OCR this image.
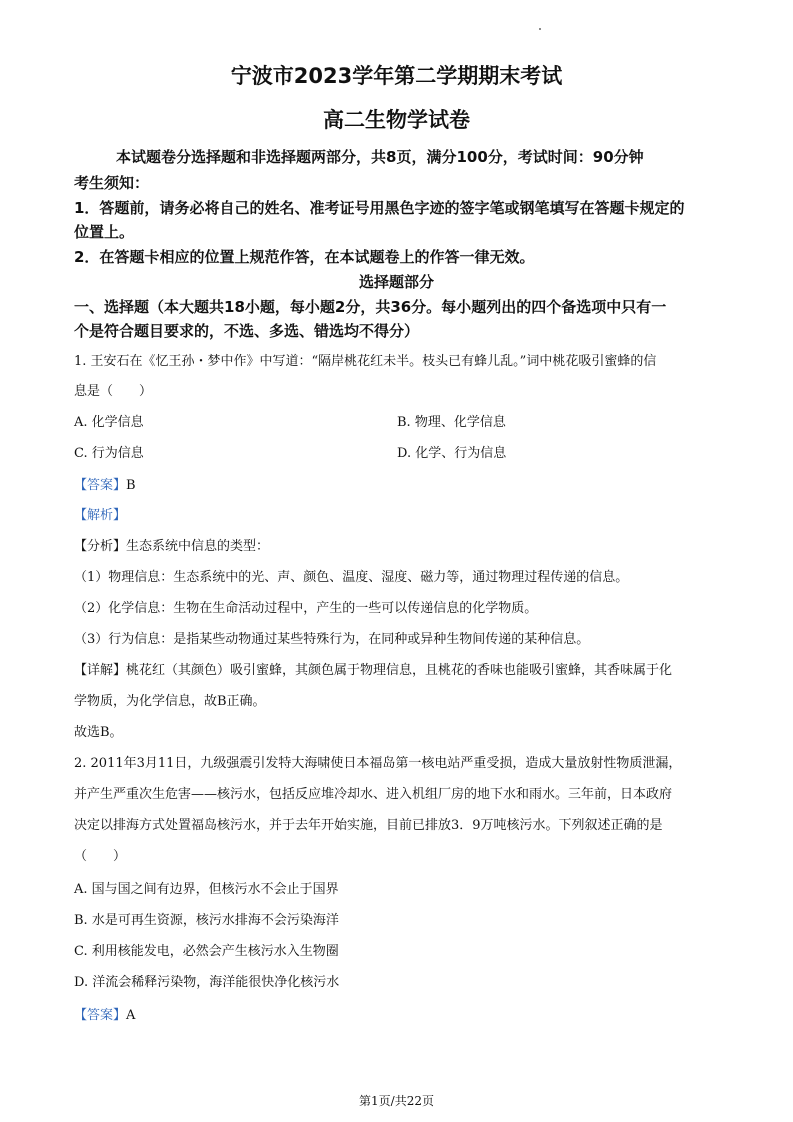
宁波市2023学年第二学期期末考试
高二生物学试卷
本试题卷分选择题和非选择题两部分，共8页，满分100分，考试时间：90分钟
考生须知：
1．答题前，请务必将自己的姓名、准考证号用黑色字迹的签字笔或钢笔填写在答题卡规定的
位置上。
2．在答题卡相应的位置上规范作答，在本试题卷上的作答一律无效。
选择题部分
一、选择题（本大题共18小题，每小题2分，共36分。每小题列出的四个备选项中只有一
个是符合题目要求的，不选、多选、错选均不得分）
1. 王安石在《忆王孙・梦中作》中写道：“隔岸桃花红未半。枝头已有蜂儿乱。”词中桃花吸引蜜蜂的信
息是（　　）
A. 化学信息	B. 物理、化学信息
C. 行为信息	D. 化学、行为信息
【答案】B
【解析】
【分析】生态系统中信息的类型：
（1）物理信息：生态系统中的光、声、颜色、温度、湿度、磁力等，通过物理过程传递的信息。
（2）化学信息：生物在生命活动过程中，产生的一些可以传递信息的化学物质。
（3）行为信息：是指某些动物通过某些特殊行为，在同种或异种生物间传递的某种信息。
【详解】桃花红（其颜色）吸引蜜蜂，其颜色属于物理信息，且桃花的香味也能吸引蜜蜂，其香味属于化
学物质，为化学信息，故B正确。
故选B。
2. 2011年3月11日，九级强震引发特大海啸使日本福岛第一核电站严重受损，造成大量放射性物质泄漏，
并产生严重次生危害——核污水，包括反应堆冷却水、进入机组厂房的地下水和雨水。三年前，日本政府
决定以排海方式处置福岛核污水，并于去年开始实施，目前已排放3．9万吨核污水。下列叙述正确的是
（　　）
A. 国与国之间有边界，但核污水不会止于国界
B. 水是可再生资源，核污水排海不会污染海洋
C. 利用核能发电，必然会产生核污水入生物圈
D. 洋流会稀释污染物，海洋能很快净化核污水
【答案】A
第1页/共22页
